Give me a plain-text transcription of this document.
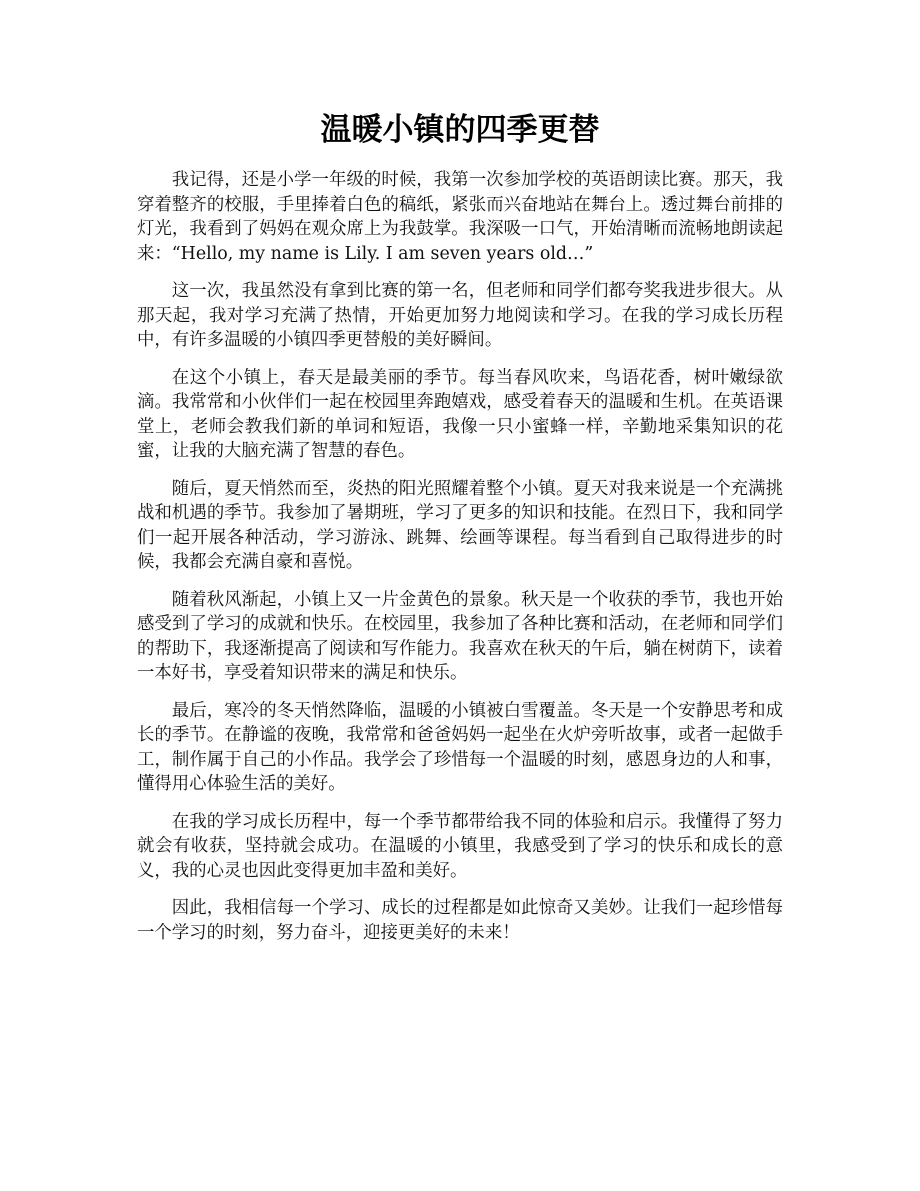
温暖小镇的四季更替

我记得，还是小学一年级的时候，我第一次参加学校的英语朗读比赛。那天，我穿着整齐的校服，手里捧着白色的稿纸，紧张而兴奋地站在舞台上。透过舞台前排的灯光，我看到了妈妈在观众席上为我鼓掌。我深吸一口气，开始清晰而流畅地朗读起来：“Hello, my name is Lily. I am seven years old…”

这一次，我虽然没有拿到比赛的第一名，但老师和同学们都夸奖我进步很大。从那天起，我对学习充满了热情，开始更加努力地阅读和学习。在我的学习成长历程中，有许多温暖的小镇四季更替般的美好瞬间。

在这个小镇上，春天是最美丽的季节。每当春风吹来，鸟语花香，树叶嫩绿欲滴。我常常和小伙伴们一起在校园里奔跑嬉戏，感受着春天的温暖和生机。在英语课堂上，老师会教我们新的单词和短语，我像一只小蜜蜂一样，辛勤地采集知识的花蜜，让我的大脑充满了智慧的春色。

随后，夏天悄然而至，炎热的阳光照耀着整个小镇。夏天对我来说是一个充满挑战和机遇的季节。我参加了暑期班，学习了更多的知识和技能。在烈日下，我和同学们一起开展各种活动，学习游泳、跳舞、绘画等课程。每当看到自己取得进步的时候，我都会充满自豪和喜悦。

随着秋风渐起，小镇上又一片金黄色的景象。秋天是一个收获的季节，我也开始感受到了学习的成就和快乐。在校园里，我参加了各种比赛和活动，在老师和同学们的帮助下，我逐渐提高了阅读和写作能力。我喜欢在秋天的午后，躺在树荫下，读着一本好书，享受着知识带来的满足和快乐。

最后，寒冷的冬天悄然降临，温暖的小镇被白雪覆盖。冬天是一个安静思考和成长的季节。在静谧的夜晚，我常常和爸爸妈妈一起坐在火炉旁听故事，或者一起做手工，制作属于自己的小作品。我学会了珍惜每一个温暖的时刻，感恩身边的人和事，懂得用心体验生活的美好。

在我的学习成长历程中，每一个季节都带给我不同的体验和启示。我懂得了努力就会有收获，坚持就会成功。在温暖的小镇里，我感受到了学习的快乐和成长的意义，我的心灵也因此变得更加丰盈和美好。

因此，我相信每一个学习、成长的过程都是如此惊奇又美妙。让我们一起珍惜每一个学习的时刻，努力奋斗，迎接更美好的未来！
